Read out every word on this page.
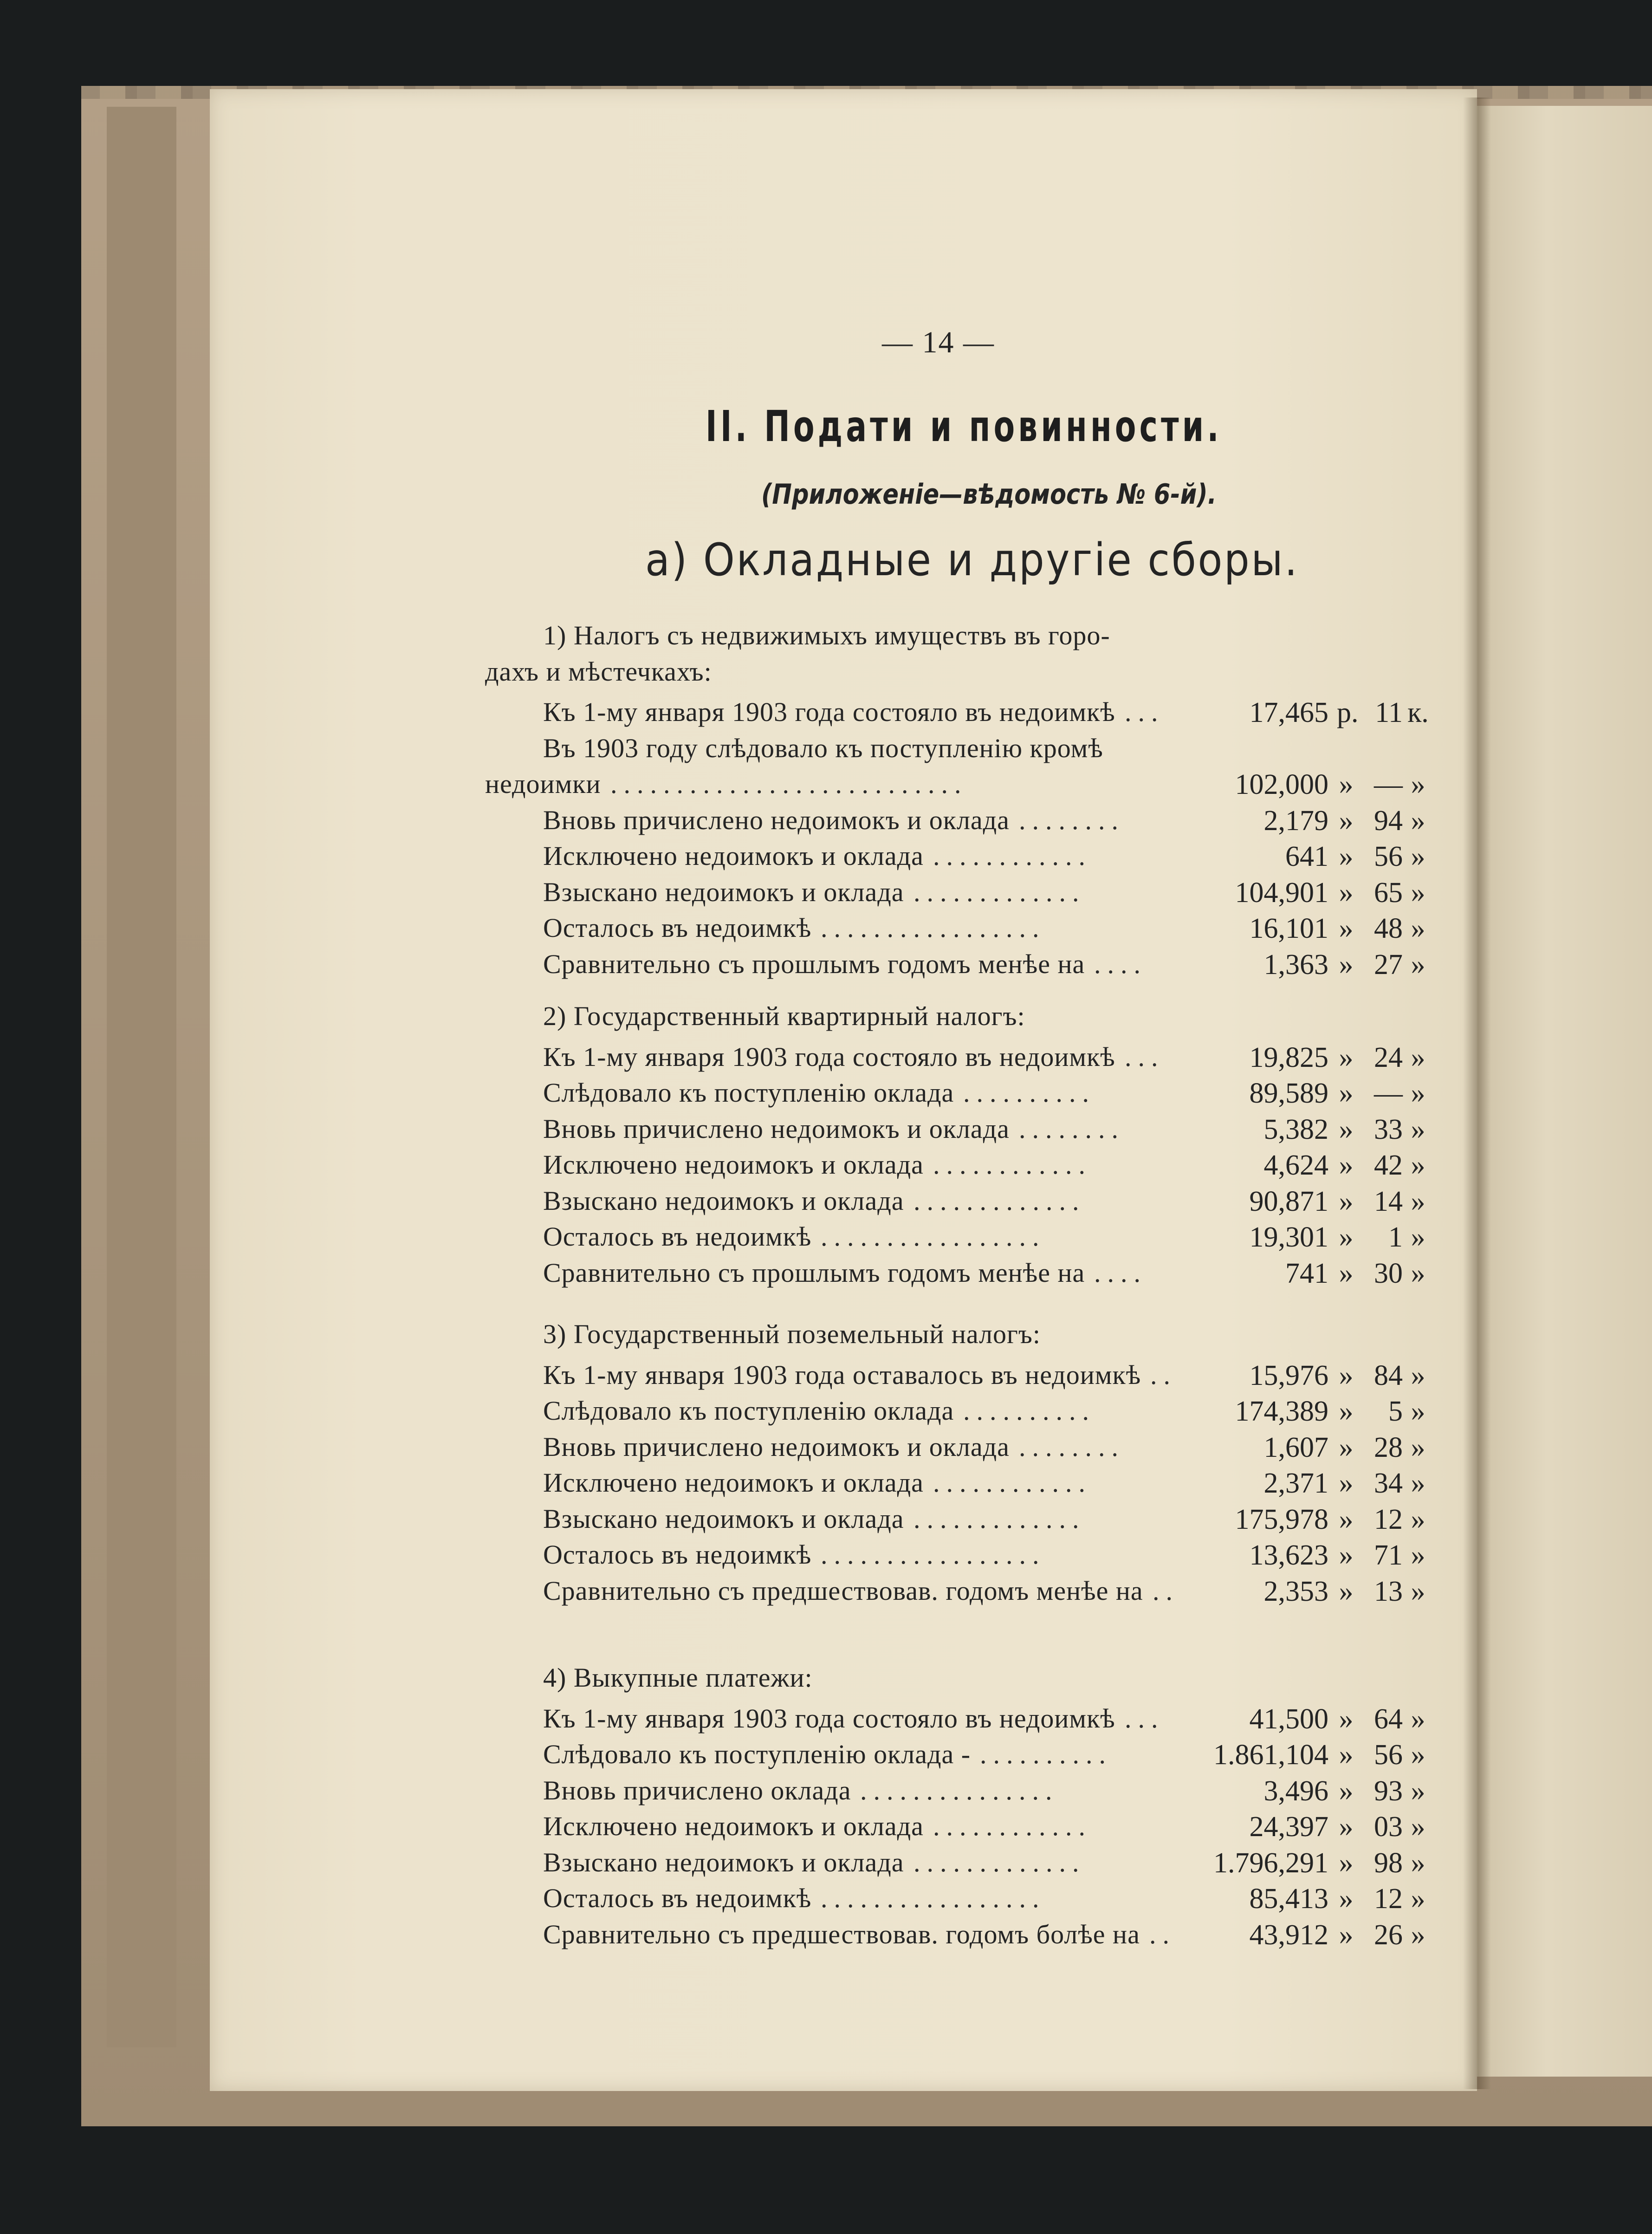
— 14 —
II. Подати и повинности.
(Приложеніе—вѣдомость № 6-й).
а) Окладные и другіе сборы.
1) Налогъ съ недвижимыхъ имуществъ въ горо-
дахъ и мѣстечкахъ:
Къ 1-му января 1903 года состояло въ недоимкѣ	17,465 р. 11 к.
Въ 1903 году слѣдовало къ поступленію кромѣ
недоимки	102,000 » — »
Вновь причислено недоимокъ и оклада	2,179 » 94 »
Исключено недоимокъ и оклада	641 » 56 »
Взыскано недоимокъ и оклада	104,901 » 65 »
Осталось въ недоимкѣ	16,101 » 48 »
Сравнительно съ прошлымъ годомъ менѣе на	1,363 » 27 »
2) Государственный квартирный налогъ:
Къ 1-му января 1903 года состояло въ недоимкѣ	19,825 » 24 »
Слѣдовало къ поступленію оклада	89,589 » — »
Вновь причислено недоимокъ и оклада	5,382 » 33 »
Исключено недоимокъ и оклада	4,624 » 42 »
Взыскано недоимокъ и оклада	90,871 » 14 »
Осталось въ недоимкѣ	19,301 »	1 »
Сравнительно съ прошлымъ годомъ менѣе на	741 » 30 »
3) Государственный поземельный налогъ:
Къ 1-му января 1903 года оставалось въ недоимкѣ	15,976 » 84 »
Слѣдовало къ поступленію оклада	174,389 »	5 »
Вновь причислено недоимокъ и оклада	1,607 » 28 »
Исключено недоимокъ и оклада	2,371 » 34 »
Взыскано недоимокъ и оклада	175,978 » 12 »
Осталось въ недоимкѣ	13,623 » 71 »
Сравнительно съ предшествовав. годомъ менѣе на	2,353 » 13 »
4) Выкупные платежи:
Къ 1-му января 1903 года состояло въ недоимкѣ	41,500 » 64 »
Слѣдовало къ поступленію оклада -	1.861,104 » 56 »
Вновь причислено оклада	3,496 » 93 »
Исключено недоимокъ и оклада	24,397 » 03 »
Взыскано недоимокъ и оклада	1.796,291 » 98 »
Осталось въ недоимкѣ	85,413 » 12 »
Сравнительно съ предшествовав. годомъ болѣе на	43,912 » 26 »
...
...........................
........
............
.............
.................
....
...
..........
........
............
.............
.................
....
..
..........
........
............
.............
.................
..
...
..........
...............
............
.............
.................
..
